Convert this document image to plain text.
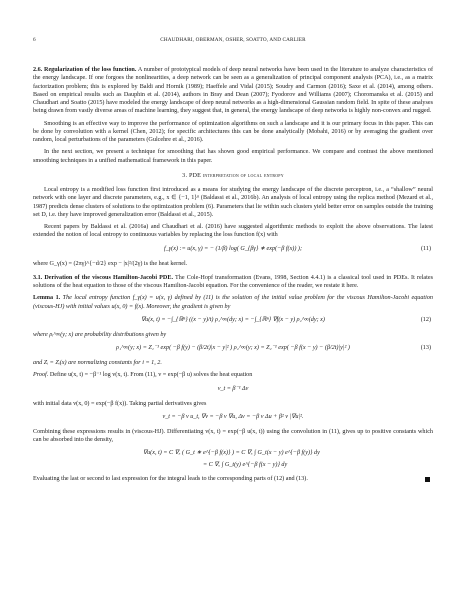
6	CHAUDHARI, OBERMAN, OSHER, SOATTO, AND CARLIER

2.6. Regularization of the loss function. A number of prototypical models of deep neural networks have been used in the literature to analyze characteristics of the energy landscape. If one forgoes the nonlinearities, a deep network can be seen as a generalization of principal component analysis (PCA), i.e., as a matrix factorization problem; this is explored by Baldi and Hornik (1989); Haeffele and Vidal (2015); Soudry and Carmon (2016); Saxe et al. (2014), among others. Based on empirical results such as Dauphin et al. (2014), authors in Bray and Dean (2007); Fyodorov and Williams (2007); Choromanska et al. (2015) and Chaudhari and Soatto (2015) have modeled the energy landscape of deep neural networks as a high-dimensional Gaussian random field. In spite of these analyses being drawn from vastly diverse areas of machine learning, they suggest that, in general, the energy landscape of deep networks is highly non-convex and rugged.

Smoothing is an effective way to improve the performance of optimization algorithms on such a landscape and it is our primary focus in this paper. This can be done by convolution with a kernel (Chen, 2012); for specific architectures this can be done analytically (Mobahi, 2016) or by averaging the gradient over random, local perturbations of the parameters (Gulcehre et al., 2016).

In the next section, we present a technique for smoothing that has shown good empirical performance. We compare and contrast the above mentioned smoothing techniques in a unified mathematical framework in this paper.

3. PDE interpretation of local entropy

Local entropy is a modified loss function first introduced as a means for studying the energy landscape of the discrete perceptron, i.e., a “shallow” neural network with one layer and discrete parameters, e.g., x ∈ {−1, 1}ⁿ (Baldassi et al., 2016b). An analysis of local entropy using the replica method (Mezard et al., 1987) predicts dense clusters of solutions to the optimization problem (6). Parameters that lie within such clusters yield better error on samples outside the training set D, i.e. they have improved generalization error (Baldassi et al., 2015).

Recent papers by Baldassi et al. (2016a) and Chaudhari et al. (2016) have suggested algorithmic methods to exploit the above observations. The latest extended the notion of local entropy to continuous variables by replacing the loss function f(x) with

f_γ(x) := u(x, γ) = − (1/β) log( G_{βγ} ∗ exp(−β f(x)) );	(11)

where G_γ(x) = (2πγ)^{−d/2} exp − |x|²/(2γ) is the heat kernel.

3.1. Derivation of the viscous Hamilton-Jacobi PDE. The Cole-Hopf transformation (Evans, 1998, Section 4.4.1) is a classical tool used in PDEs. It relates solutions of the heat equation to those of the viscous Hamilton-Jacobi equation. For the convenience of the reader, we restate it here.

Lemma 1. The local entropy function f_γ(x) = u(x, γ) defined by (11) is the solution of the initial value problem for the viscous Hamilton-Jacobi equation (viscous-HJ) with initial values u(x, 0) = f(x). Moreover, the gradient is given by

∇u(x, t) = −∫_{ℝⁿ} ((x − y)/t) ρ₁^∞(dy; x) = −∫_{ℝⁿ} ∇f(x − y) ρ₂^∞(dy; x)	(12)

where ρᵢ^∞(y; x) are probability distributions given by

ρ₁^∞(y; x) = Z₁⁻¹ exp( −β f(y) − (β/2t)|x − y|² ) ρ₂^∞(y; x) = Z₂⁻¹ exp( −β f(x − y) − (β/2t)|y|² )	(13)

and Zᵢ = Zᵢ(x) are normalizing constants for i = 1, 2.

Proof. Define u(x, t) = −β⁻¹ log v(x, t). From (11), v = exp(−β u) solves the heat equation

v_t = β⁻¹ Δv

with initial data v(x, 0) = exp(−β f(x)). Taking partial derivatives gives

v_t = −β v u_t, ∇v = −β v ∇u, Δv = −β v Δu + β² v |∇u|².

Combining these expressions results in (viscous-HJ). Differentiating v(x, t) = exp(−β u(x, t)) using the convolution in (11), gives up to positive constants which can be absorbed into the density,

∇u(x, t) = C ∇ₓ ( G_t ∗ e^{−β f(x)} ) = C ∇ₓ ∫ G_t(x − y) e^{−β f(y)} dy
= C ∇ₓ ∫ G_t(y) e^{−β f(x − y)} dy

Evaluating the last or second to last expression for the integral leads to the corresponding parts of (12) and (13).
